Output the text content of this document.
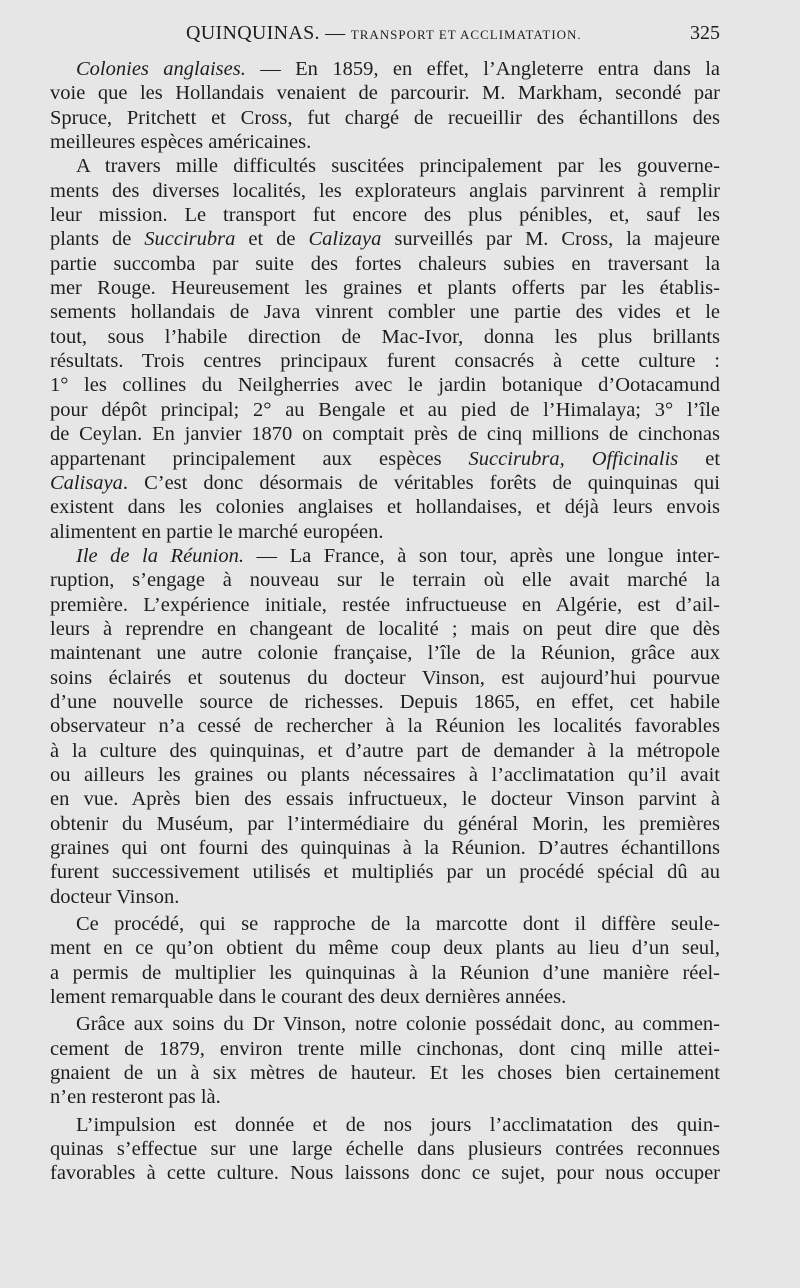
QUINQUINAS. — TRANSPORT ET ACCLIMATATION.	325
Colonies anglaises. — En 1859, en effet, l’Angleterre entra dans la
voie que les Hollandais venaient de parcourir. M. Markham, secondé par
Spruce, Pritchett et Cross, fut chargé de recueillir des échantillons des
meilleures espèces américaines.
A travers mille difficultés suscitées principalement par les gouverne-
ments des diverses localités, les explorateurs anglais parvinrent à remplir
leur mission. Le transport fut encore des plus pénibles, et, sauf les
plants de Succirubra et de Calizaya surveillés par M. Cross, la majeure
partie succomba par suite des fortes chaleurs subies en traversant la
mer Rouge. Heureusement les graines et plants offerts par les établis-
sements hollandais de Java vinrent combler une partie des vides et le
tout, sous l’habile direction de Mac-Ivor, donna les plus brillants
résultats. Trois centres principaux furent consacrés à cette culture :
1° les collines du Neilgherries avec le jardin botanique d’Ootacamund
pour dépôt principal; 2° au Bengale et au pied de l’Himalaya; 3° l’île
de Ceylan. En janvier 1870 on comptait près de cinq millions de cinchonas
appartenant principalement aux espèces Succirubra, Officinalis et
Calisaya. C’est donc désormais de véritables forêts de quinquinas qui
existent dans les colonies anglaises et hollandaises, et déjà leurs envois
alimentent en partie le marché européen.
Ile de la Réunion. — La France, à son tour, après une longue inter-
ruption, s’engage à nouveau sur le terrain où elle avait marché la
première. L’expérience initiale, restée infructueuse en Algérie, est d’ail-
leurs à reprendre en changeant de localité ; mais on peut dire que dès
maintenant une autre colonie française, l’île de la Réunion, grâce aux
soins éclairés et soutenus du docteur Vinson, est aujourd’hui pourvue
d’une nouvelle source de richesses. Depuis 1865, en effet, cet habile
observateur n’a cessé de rechercher à la Réunion les localités favorables
à la culture des quinquinas, et d’autre part de demander à la métropole
ou ailleurs les graines ou plants nécessaires à l’acclimatation qu’il avait
en vue. Après bien des essais infructueux, le docteur Vinson parvint à
obtenir du Muséum, par l’intermédiaire du général Morin, les premières
graines qui ont fourni des quinquinas à la Réunion. D’autres échantillons
furent successivement utilisés et multipliés par un procédé spécial dû au
docteur Vinson.
Ce procédé, qui se rapproche de la marcotte dont il diffère seule-
ment en ce qu’on obtient du même coup deux plants au lieu d’un seul,
a permis de multiplier les quinquinas à la Réunion d’une manière réel-
lement remarquable dans le courant des deux dernières années.
Grâce aux soins du Dr Vinson, notre colonie possédait donc, au commen-
cement de 1879, environ trente mille cinchonas, dont cinq mille attei-
gnaient de un à six mètres de hauteur. Et les choses bien certainement
n’en resteront pas là.
L’impulsion est donnée et de nos jours l’acclimatation des quin-
quinas s’effectue sur une large échelle dans plusieurs contrées reconnues
favorables à cette culture. Nous laissons donc ce sujet, pour nous occuper
